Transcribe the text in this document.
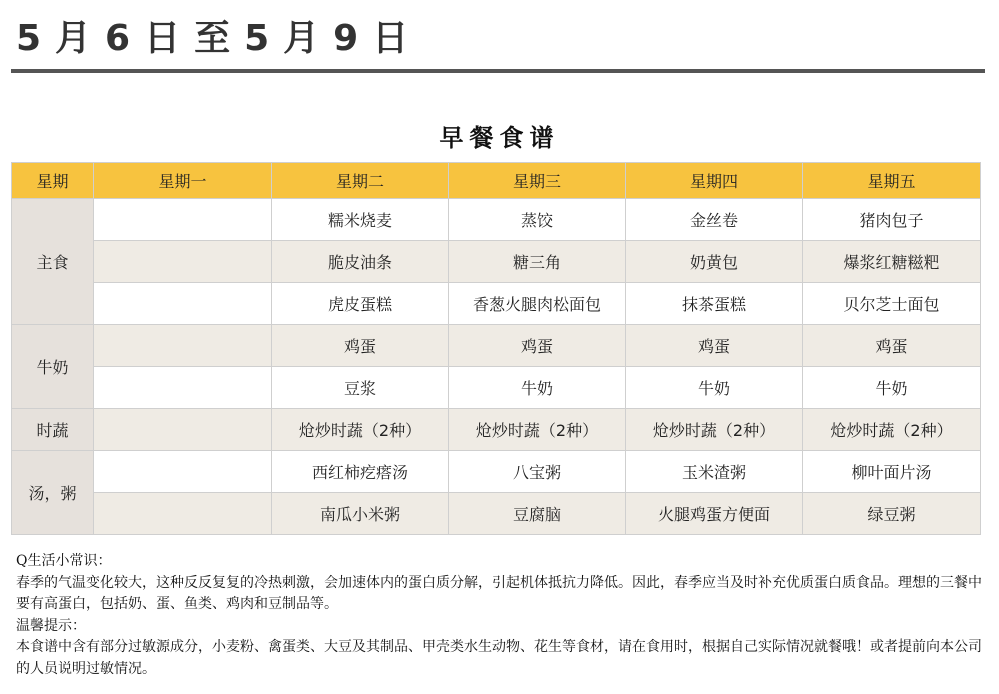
5月6日至5月9日
早餐食谱
星期	星期一	星期二	星期三	星期四	星期五
主食		糯米烧麦	蒸饺	金丝卷	猪肉包子
		脆皮油条	糖三角	奶黄包	爆浆红糖糍粑
		虎皮蛋糕	香葱火腿肉松面包	抹茶蛋糕	贝尔芝士面包
牛奶		鸡蛋	鸡蛋	鸡蛋	鸡蛋
		豆浆	牛奶	牛奶	牛奶
时蔬		炝炒时蔬（2种）	炝炒时蔬（2种）	炝炒时蔬（2种）	炝炒时蔬（2种）
汤，粥		西红柿疙瘩汤	八宝粥	玉米渣粥	柳叶面片汤
		南瓜小米粥	豆腐脑	火腿鸡蛋方便面	绿豆粥

Q生活小常识：

春季的气温变化较大，这种反反复复的冷热刺激，会加速体内的蛋白质分解，引起机体抵抗力降低。因此，春季应当及时补充优质蛋白质食品。理想的三餐中要有高蛋白，包括奶、蛋、鱼类、鸡肉和豆制品等。

温馨提示：

本食谱中含有部分过敏源成分，小麦粉、禽蛋类、大豆及其制品、甲壳类水生动物、花生等食材，请在食用时，根据自己实际情况就餐哦！或者提前向本公司的人员说明过敏情况。
